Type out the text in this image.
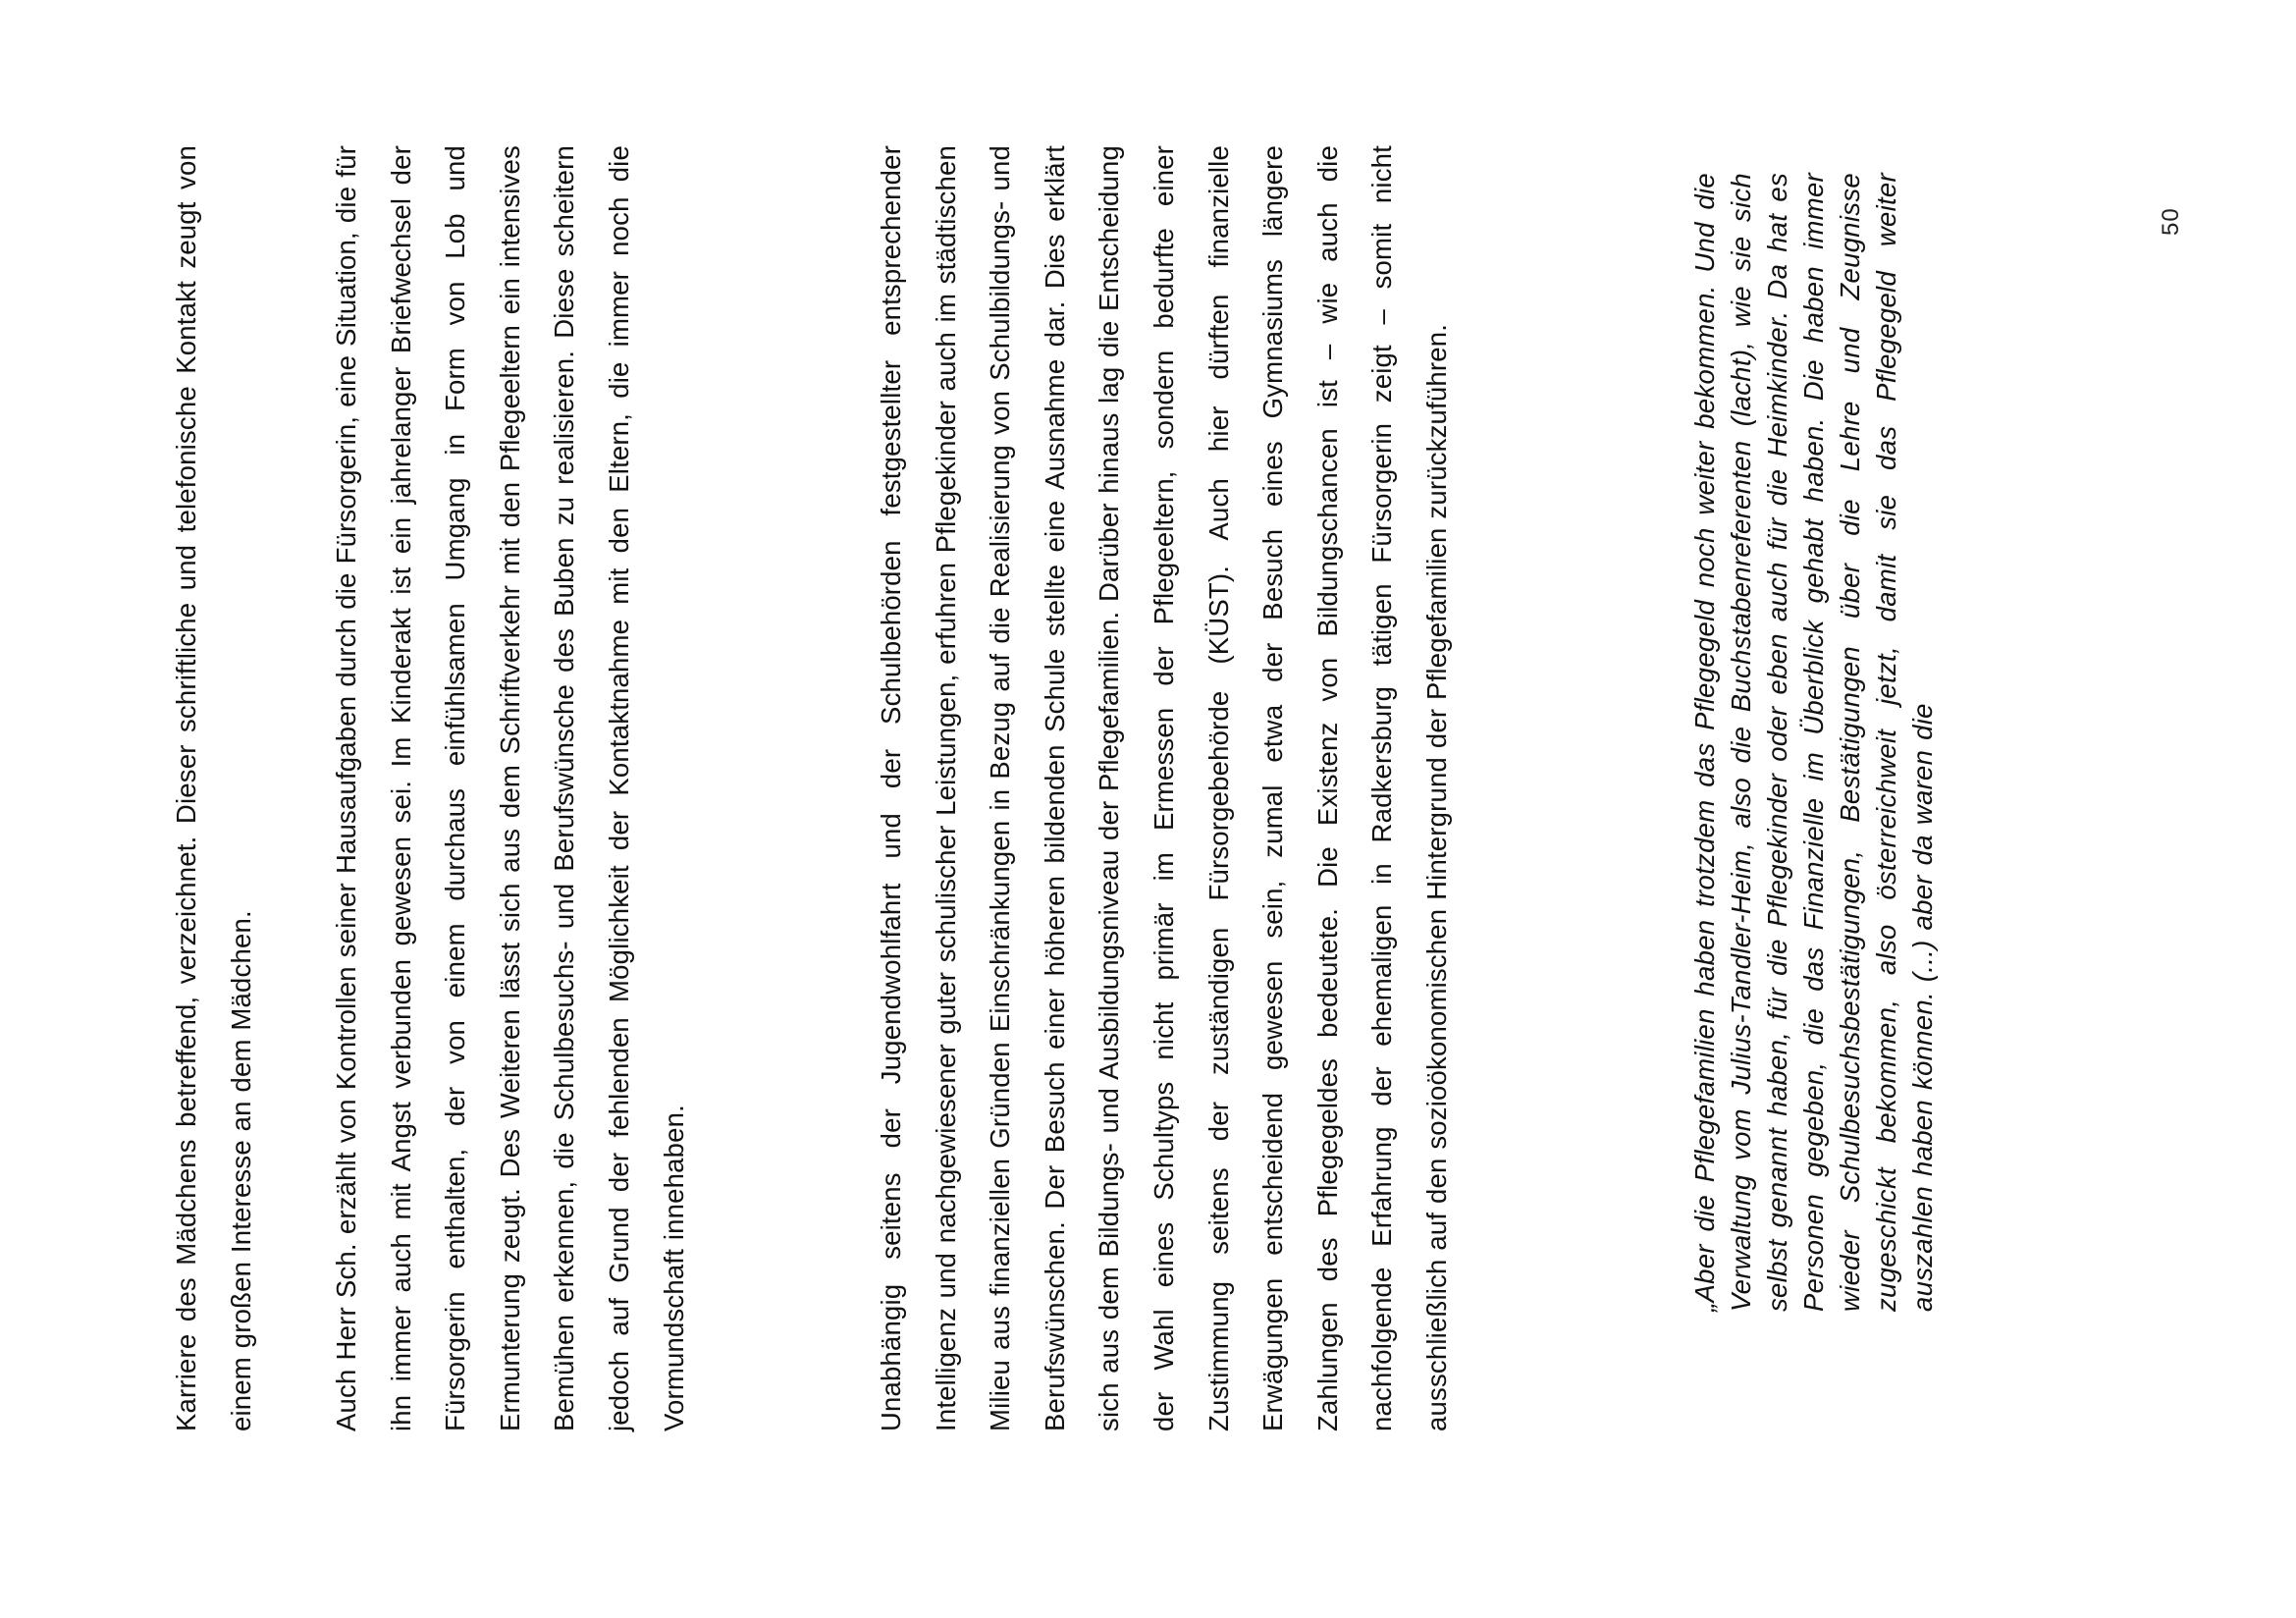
50

Karriere des Mädchens betreffend, verzeichnet. Dieser schriftliche und telefonische Kontakt zeugt von einem großen Interesse an dem Mädchen.	Auch Herr Sch. erzählt von Kontrollen seiner Hausaufgaben durch die Fürsorgerin, eine Situation, die für ihn immer auch mit Angst verbunden gewesen sei. Im Kinderakt ist ein jahrelanger Briefwechsel der Fürsorgerin enthalten, der von einem durchaus einfühlsamen Umgang in Form von Lob und Ermunterung zeugt. Des Weiteren lässt sich aus dem Schriftverkehr mit den Pflegeeltern ein intensives Bemühen erkennen, die Schulbesuchs- und Berufswünsche des Buben zu realisieren. Diese scheitern jedoch auf Grund der fehlenden Möglichkeit der Kontaktnahme mit den Eltern, die immer noch die Vormundschaft innehaben.	Unabhängig seitens der Jugendwohlfahrt und der Schulbehörden festgestellter entsprechender Intelligenz und nachgewiesener guter schulischer Leistungen, erfuhren Pflegekinder auch im städtischen Milieu aus finanziellen Gründen Einschränkungen in Bezug auf die Realisierung von Schulbildungs- und Berufswünschen. Der Besuch einer höheren bildenden Schule stellte eine Ausnahme dar. Dies erklärt sich aus dem Bildungs- und Ausbildungsniveau der Pflegefamilien. Darüber hinaus lag die Entscheidung der Wahl eines Schultyps nicht primär im Ermessen der Pflegeeltern, sondern bedurfte einer Zustimmung seitens der zuständigen Fürsorgebehörde (KÜST). Auch hier dürften finanzielle Erwägungen entscheidend gewesen sein, zumal etwa der Besuch eines Gymnasiums längere Zahlungen des Pflegegeldes bedeutete. Die Existenz von Bildungschancen ist – wie auch die nachfolgende Erfahrung der ehemaligen in Radkersburg tätigen Fürsorgerin zeigt – somit nicht ausschließlich auf den sozioökonomischen Hintergrund der Pflegefamilien zurückzuführen.	„Aber die Pflegefamilien haben trotzdem das Pflegegeld noch weiter bekommen. Und die Verwaltung vom Julius-Tandler-Heim, also die Buchstabenreferenten (lacht), wie sie sich selbst genannt haben, für die Pflegekinder oder eben auch für die Heimkinder. Da hat es Personen gegeben, die das Finanzielle im Überblick gehabt haben. Die haben immer wieder Schulbesuchsbestätigungen, Bestätigungen über die Lehre und Zeugnisse zugeschickt bekommen, also österreichweit jetzt, damit sie das Pflegegeld weiter auszahlen haben können. (...) aber da waren die
